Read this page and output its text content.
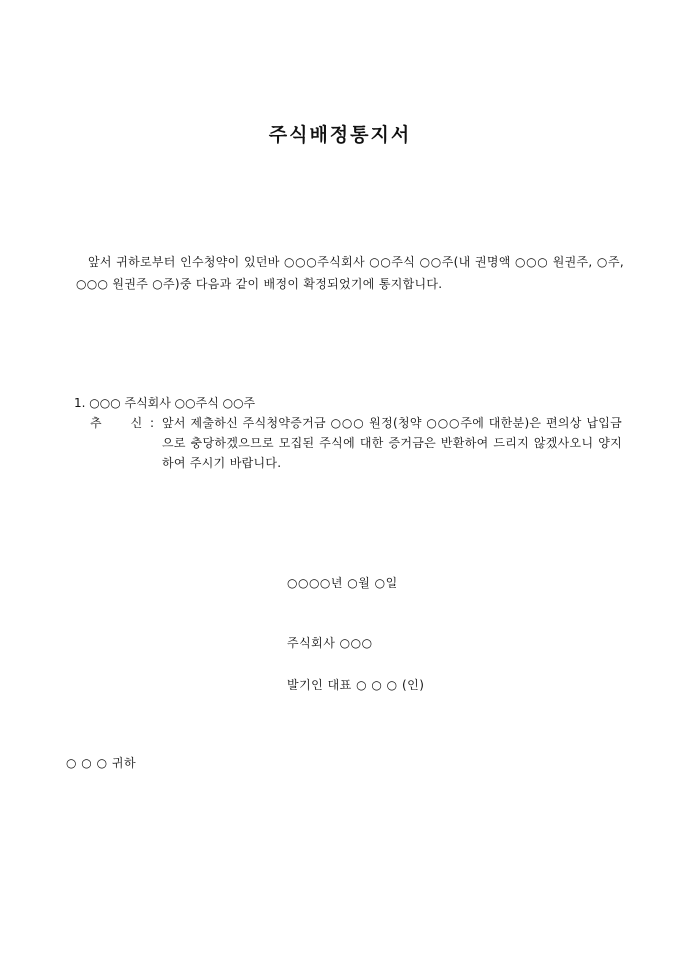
주식배정통지서
앞서 귀하로부터 인수청약이 있던바 ○○○주식회사 ○○주식 ○○주(내 권명액 ○○○ 원권주, ○주, ○○○ 원권주 ○주)중 다음과 같이 배정이 확정되었기에 통지합니다.
1. ○○○ 주식회사 ○○주식 ○○주
추 신 : 앞서 제출하신 주식청약증거금 ○○○ 원정(청약 ○○○주에 대한분)은 편의상 납입금으로 충당하겠으므로 모집된 주식에 대한 증거금은 반환하여 드리지 않겠사오니 양지하여 주시기 바랍니다.
○○○○년 ○월 ○일
주식회사 ○○○
발기인 대표 ○ ○ ○ (인)
○ ○ ○ 귀하
